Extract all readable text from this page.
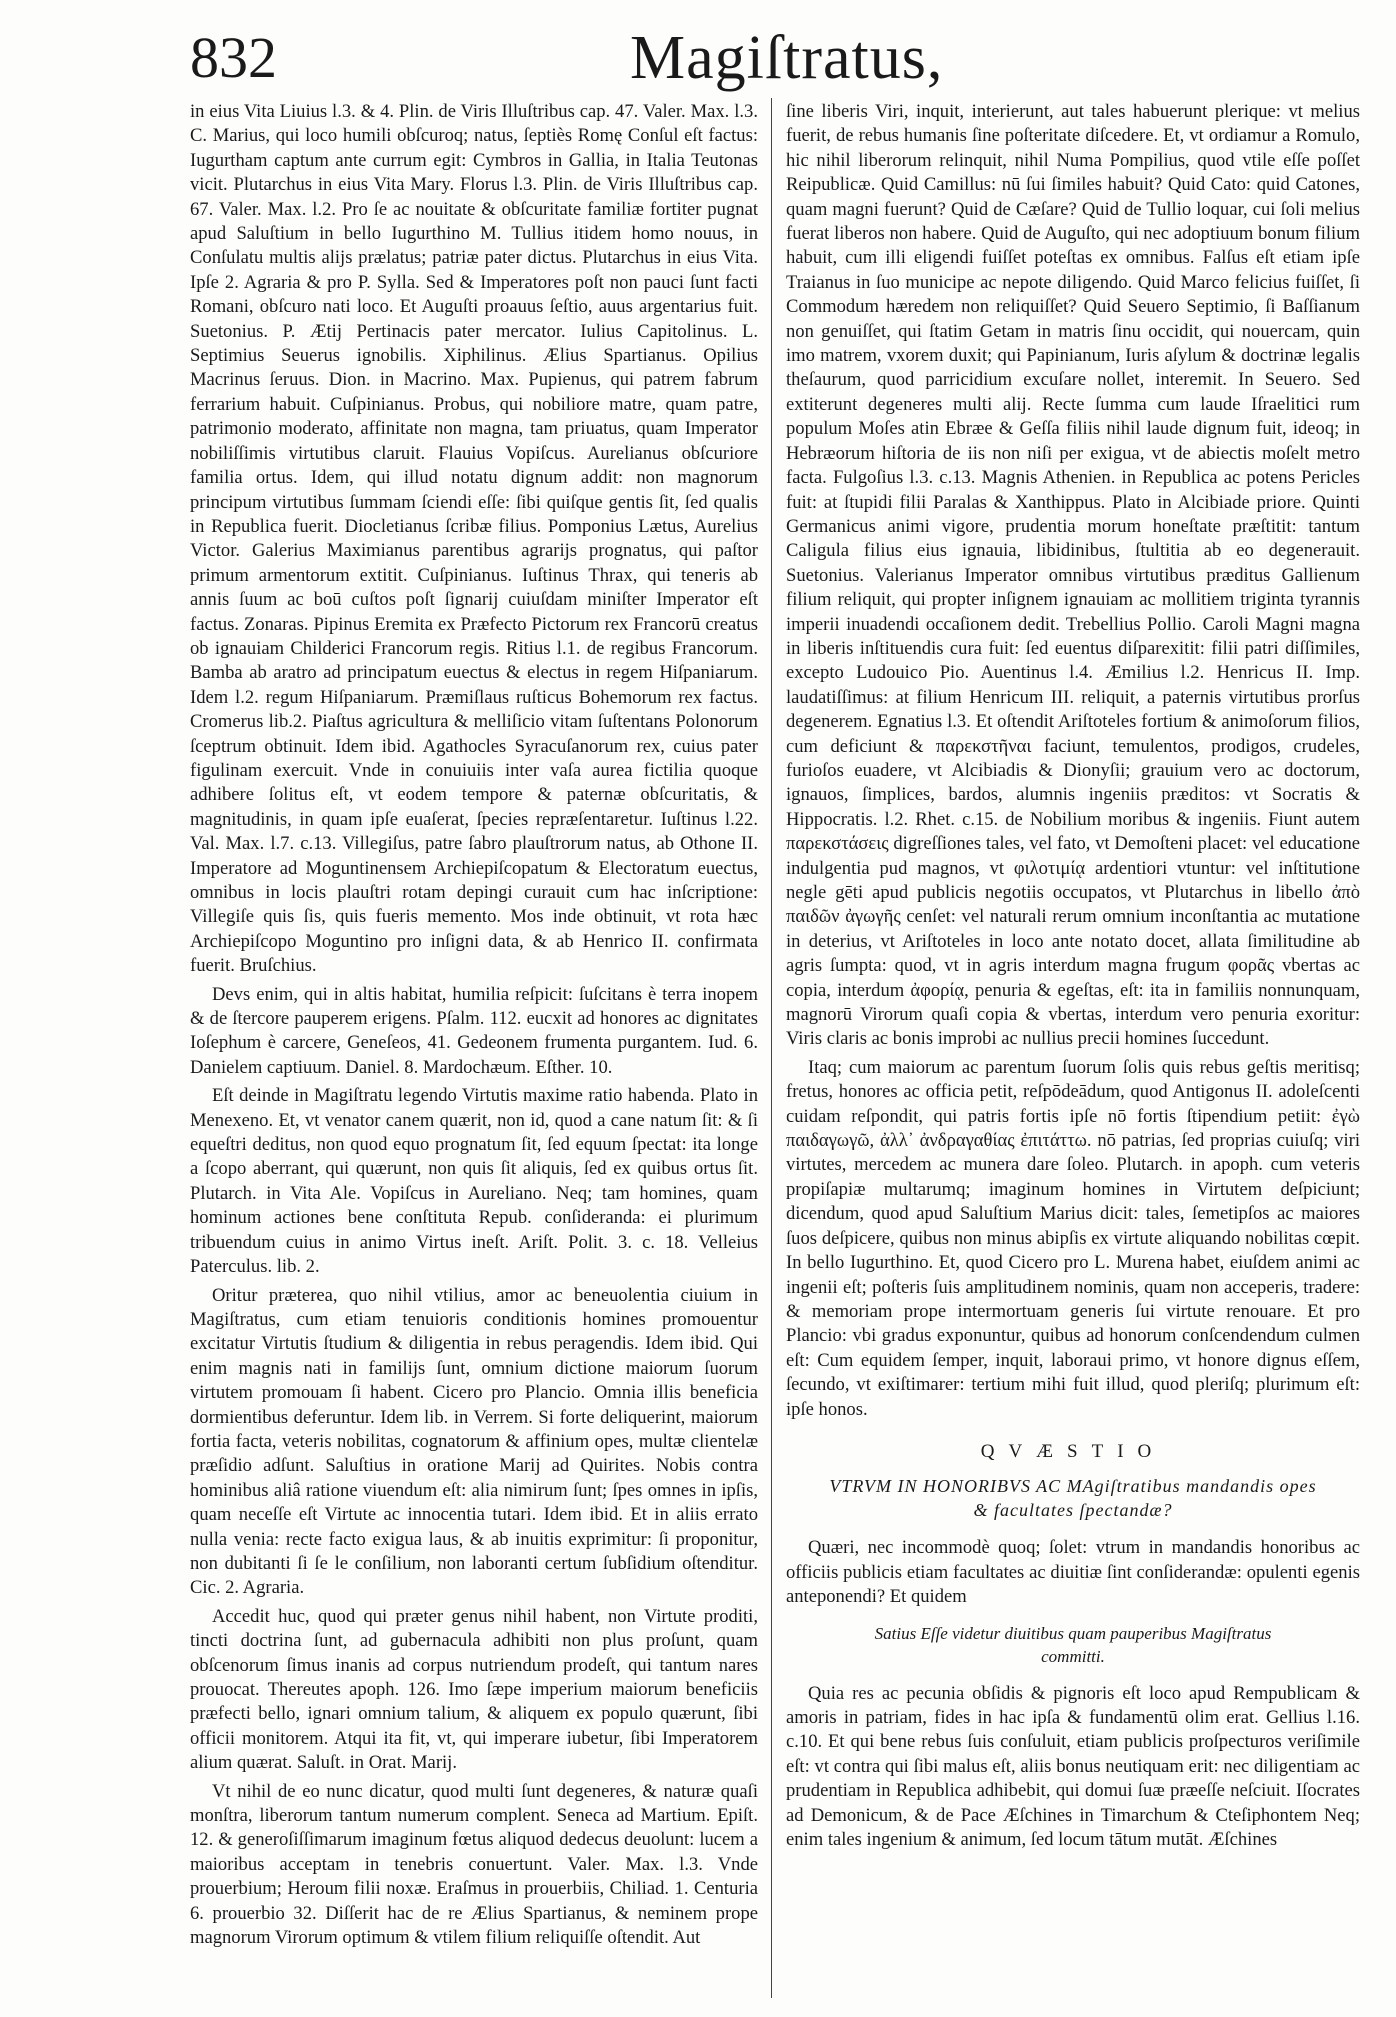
832	Magiſtratus,

in eius Vita Liuius l.3. & 4. Plin. de Viris Illuſtribus cap. 47. Valer. Max. l.3. C. Marius, qui loco humili obſcuroq; natus, ſeptiès Romę Conſul eſt factus: Iugurtham captum ante currum egit: Cymbros in Gallia, in Italia Teutonas vicit. Plutarchus in eius Vita Mary. Florus l.3. Plin. de Viris Illuſtribus cap. 67. Valer. Max. l.2. Pro ſe ac nouitate & obſcuritate familiæ fortiter pugnat apud Saluſtium in bello Iugurthino M. Tullius itidem homo nouus, in Conſulatu multis alijs prælatus; patriæ pater dictus. Plutarchus in eius Vita. Ipſe 2. Agraria & pro P. Sylla. Sed & Imperatores poſt non pauci ſunt facti Romani, obſcuro nati loco. Et Auguſti proauus ſeſtio, auus argentarius fuit. Suetonius. P. Ætij Pertinacis pater mercator. Iulius Capitolinus. L. Septimius Seuerus ignobilis. Xiphilinus. Ælius Spartianus. Opilius Macrinus ſeruus. Dion. in Macrino. Max. Pupienus, qui patrem fabrum ferrarium habuit. Cuſpinianus. Probus, qui nobiliore matre, quam patre, patrimonio moderato, affinitate non magna, tam priuatus, quam Imperator nobiliſſimis virtutibus claruit. Flauius Vopiſcus. Aurelianus obſcuriore familia ortus. Idem, qui illud notatu dignum addit: non magnorum principum virtutibus ſummam ſciendi eſſe: ſibi quiſque gentis ſit, ſed qualis in Republica fuerit. Diocletianus ſcribæ filius. Pomponius Lætus, Aurelius Victor. Galerius Maximianus parentibus agrarijs prognatus, qui paſtor primum armentorum extitit. Cuſpinianus. Iuſtinus Thrax, qui teneris ab annis ſuum ac boū cuſtos poſt ſignarij cuiuſdam miniſter Imperator eſt factus. Zonaras. Pipinus Eremita ex Præfecto Pictorum rex Francorū creatus ob ignauiam Childerici Francorum regis. Ritius l.1. de regibus Francorum. Bamba ab aratro ad principatum euectus & electus in regem Hiſpaniarum. Idem l.2. regum Hiſpaniarum. Præmiſlaus ruſticus Bohemorum rex factus. Cromerus lib.2. Piaſtus agricultura & melliſicio vitam ſuſtentans Polonorum ſceptrum obtinuit. Idem ibid. Agathocles Syracuſanorum rex, cuius pater figulinam exercuit. Vnde in conuiuiis inter vaſa aurea fictilia quoque adhibere ſolitus eſt, vt eodem tempore & paternæ obſcuritatis, & magnitudinis, in quam ipſe euaſerat, ſpecies repræſentaretur. Iuſtinus l.22. Val. Max. l.7. c.13. Villegiſus, patre ſabro plauſtrorum natus, ab Othone II. Imperatore ad Moguntinensem Archiepiſcopatum & Electoratum euectus, omnibus in locis plauſtri rotam depingi curauit cum hac inſcriptione: Villegiſe quis ſis, quis fueris memento. Mos inde obtinuit, vt rota hæc Archiepiſcopo Moguntino pro inſigni data, & ab Henrico II. confirmata fuerit. Bruſchius.

Devs enim, qui in altis habitat, humilia reſpicit: ſuſcitans è terra inopem & de ſtercore pauperem erigens. Pſalm. 112. eucxit ad honores ac dignitates Ioſephum è carcere, Geneſeos, 41. Gedeonem frumenta purgantem. Iud. 6. Danielem captiuum. Daniel. 8. Mardochæum. Eſther. 10.

Eſt deinde in Magiſtratu legendo Virtutis maxime ratio habenda. Plato in Menexeno. Et, vt venator canem quærit, non id, quod a cane natum ſit: & ſi equeſtri deditus, non quod equo prognatum ſit, ſed equum ſpectat: ita longe a ſcopo aberrant, qui quærunt, non quis ſit aliquis, ſed ex quibus ortus ſit. Plutarch. in Vita Ale. Vopiſcus in Aureliano. Neq; tam homines, quam hominum actiones bene conſtituta Repub. conſideranda: ei plurimum tribuendum cuius in animo Virtus ineſt. Ariſt. Polit. 3. c. 18. Velleius Paterculus. lib. 2.

Oritur præterea, quo nihil vtilius, amor ac beneuolentia ciuium in Magiſtratus, cum etiam tenuioris conditionis homines promouentur excitatur Virtutis ſtudium & diligentia in rebus peragendis. Idem ibid. Qui enim magnis nati in familijs ſunt, omnium dictione maiorum ſuorum virtutem promouam ſi habent. Cicero pro Plancio. Omnia illis beneficia dormientibus deferuntur. Idem lib. in Verrem. Si forte deliquerint, maiorum fortia facta, veteris nobilitas, cognatorum & affinium opes, multæ clientelæ præſidio adſunt. Saluſtius in oratione Marij ad Quirites. Nobis contra hominibus aliâ ratione viuendum eſt: alia nimirum ſunt; ſpes omnes in ipſis, quam neceſſe eſt Virtute ac innocentia tutari. Idem ibid. Et in aliis errato nulla venia: recte facto exigua laus, & ab inuitis exprimitur: ſi proponitur, non dubitanti ſi ſe le conſilium, non laboranti certum ſubſidium oſtenditur. Cic. 2. Agraria.

Accedit huc, quod qui præter genus nihil habent, non Virtute proditi, tincti doctrina ſunt, ad gubernacula adhibiti non plus proſunt, quam obſcenorum ſimus inanis ad corpus nutriendum prodeſt, qui tantum nares prouocat. Thereutes apoph. 126. Imo ſæpe imperium maiorum beneficiis præfecti bello, ignari omnium talium, & aliquem ex populo quærunt, ſibi officii monitorem. Atqui ita fit, vt, qui imperare iubetur, ſibi Imperatorem alium quærat. Saluſt. in Orat. Marij.

Vt nihil de eo nunc dicatur, quod multi ſunt degeneres, & naturæ quaſi monſtra, liberorum tantum numerum complent. Seneca ad Martium. Epiſt. 12. & generoſiſſimarum imaginum fœtus aliquod dedecus deuolunt: lucem a maioribus acceptam in tenebris conuertunt. Valer. Max. l.3. Vnde prouerbium; Heroum filii noxæ. Eraſmus in prouerbiis, Chiliad. 1. Centuria 6. prouerbio 32. Diſſerit hac de re Ælius Spartianus, & neminem prope magnorum Virorum optimum & vtilem filium reliquiſſe oſtendit. Aut

ſine liberis Viri, inquit, interierunt, aut tales habuerunt plerique: vt melius fuerit, de rebus humanis ſine poſteritate diſcedere. Et, vt ordiamur a Romulo, hic nihil liberorum relinquit, nihil Numa Pompilius, quod vtile eſſe poſſet Reipublicæ. Quid Camillus: nū ſui ſimiles habuit? Quid Cato: quid Catones, quam magni fuerunt? Quid de Cæſare? Quid de Tullio loquar, cui ſoli melius fuerat liberos non habere. Quid de Auguſto, qui nec adoptiuum bonum filium habuit, cum illi eligendi fuiſſet poteſtas ex omnibus. Falſus eſt etiam ipſe Traianus in ſuo municipe ac nepote diligendo. Quid Marco felicius fuiſſet, ſi Commodum hæredem non reliquiſſet? Quid Seuero Septimio, ſi Baſſianum non genuiſſet, qui ſtatim Getam in matris ſinu occidit, qui nouercam, quin imo matrem, vxorem duxit; qui Papinianum, Iuris aſylum & doctrinæ legalis theſaurum, quod parricidium excuſare nollet, interemit. In Seuero. Sed extiterunt degeneres multi alij. Recte ſumma cum laude Iſraelitici rum populum Moſes atin Ebræe & Geſſa filiis nihil laude dignum fuit, ideoq; in Hebræorum hiſtoria de iis non niſi per exigua, vt de abiectis moſelt metro facta. Fulgoſius l.3. c.13. Magnis Athenien. in Republica ac potens Pericles fuit: at ſtupidi filii Paralas & Xanthippus. Plato in Alcibiade priore. Quinti Germanicus animi vigore, prudentia morum honeſtate præſtitit: tantum Caligula filius eius ignauia, libidinibus, ſtultitia ab eo degenerauit. Suetonius. Valerianus Imperator omnibus virtutibus præditus Gallienum filium reliquit, qui propter inſignem ignauiam ac mollitiem triginta tyrannis imperii inuadendi occaſionem dedit. Trebellius Pollio. Caroli Magni magna in liberis inſtituendis cura fuit: ſed euentus diſparexitit: filii patri diſſimiles, excepto Ludouico Pio. Auentinus l.4. Æmilius l.2. Henricus II. Imp. laudatiſſimus: at filium Henricum III. reliquit, a paternis virtutibus prorſus degenerem. Egnatius l.3. Et oſtendit Ariſtoteles fortium & animoſorum filios, cum deficiunt & παρεκστῆναι faciunt, temulentos, prodigos, crudeles, furioſos euadere, vt Alcibiadis & Dionyſii; grauium vero ac doctorum, ignauos, ſimplices, bardos, alumnis ingeniis præditos: vt Socratis & Hippocratis. l.2. Rhet. c.15. de Nobilium moribus & ingeniis. Fiunt autem παρεκστάσεις digreſſiones tales, vel fato, vt Demoſteni placet: vel educatione indulgentia pud magnos, vt φιλοτιμίᾳ ardentiori vtuntur: vel inſtitutione negle gēti apud publicis negotiis occupatos, vt Plutarchus in libello ἀπὸ παιδῶν ἀγωγῆς cenſet: vel naturali rerum omnium inconſtantia ac mutatione in deterius, vt Ariſtoteles in loco ante notato docet, allata ſimilitudine ab agris ſumpta: quod, vt in agris interdum magna frugum φορᾶς vbertas ac copia, interdum ἀφορίᾳ, penuria & egeſtas, eſt: ita in familiis nonnunquam, magnorū Virorum quaſi copia & vbertas, interdum vero penuria exoritur: Viris claris ac bonis improbi ac nullius precii homines ſuccedunt.

Itaq; cum maiorum ac parentum ſuorum ſolis quis rebus geſtis meritisq; fretus, honores ac officia petit, reſpōdeādum, quod Antigonus II. adoleſcenti cuidam reſpondit, qui patris fortis ipſe nō fortis ſtipendium petiit: ἐγὼ παιδαγωγῶ, ἀλλ᾽ ἀνδραγαθίας ἐπιτάττω. nō patrias, ſed proprias cuiuſq; viri virtutes, mercedem ac munera dare ſoleo. Plutarch. in apoph. cum veteris propiſapiæ multarumq; imaginum homines in Virtutem deſpiciunt; dicendum, quod apud Saluſtium Marius dicit: tales, ſemetipſos ac maiores ſuos deſpicere, quibus non minus abipſis ex virtute aliquando nobilitas cœpit. In bello Iugurthino. Et, quod Cicero pro L. Murena habet, eiuſdem animi ac ingenii eſt; poſteris ſuis amplitudinem nominis, quam non acceperis, tradere: & memoriam prope intermortuam generis ſui virtute renouare. Et pro Plancio: vbi gradus exponuntur, quibus ad honorum conſcendendum culmen eſt: Cum equidem ſemper, inquit, laboraui primo, vt honore dignus eſſem, ſecundo, vt exiſtimarer: tertium mihi fuit illud, quod pleriſq; plurimum eſt: ipſe honos.

QVÆSTIO
VTRVM IN HONORIBVS AC MAgiſtratibus mandandis opes & facultates ſpectandæ?

Quæri, nec incommodè quoq; ſolet: vtrum in mandandis honoribus ac officiis publicis etiam facultates ac diuitiæ ſint conſiderandæ: opulenti egenis anteponendi? Et quidem

Satius Eſſe videtur diuitibus quam pauperibus Magiſtratus committi.

Quia res ac pecunia obſidis & pignoris eſt loco apud Rempublicam & amoris in patriam, fides in hac ipſa & fundamentū olim erat. Gellius l.16. c.10. Et qui bene rebus ſuis conſuluit, etiam publicis proſpecturos veriſimile eſt: vt contra qui ſibi malus eſt, aliis bonus neutiquam erit: nec diligentiam ac prudentiam in Republica adhibebit, qui domui ſuæ præeſſe neſciuit. Iſocrates ad Demonicum, & de Pace Æſchines in Timarchum & Cteſiphontem Neq; enim tales ingenium & animum, ſed locum tātum mutāt. Æſchines
